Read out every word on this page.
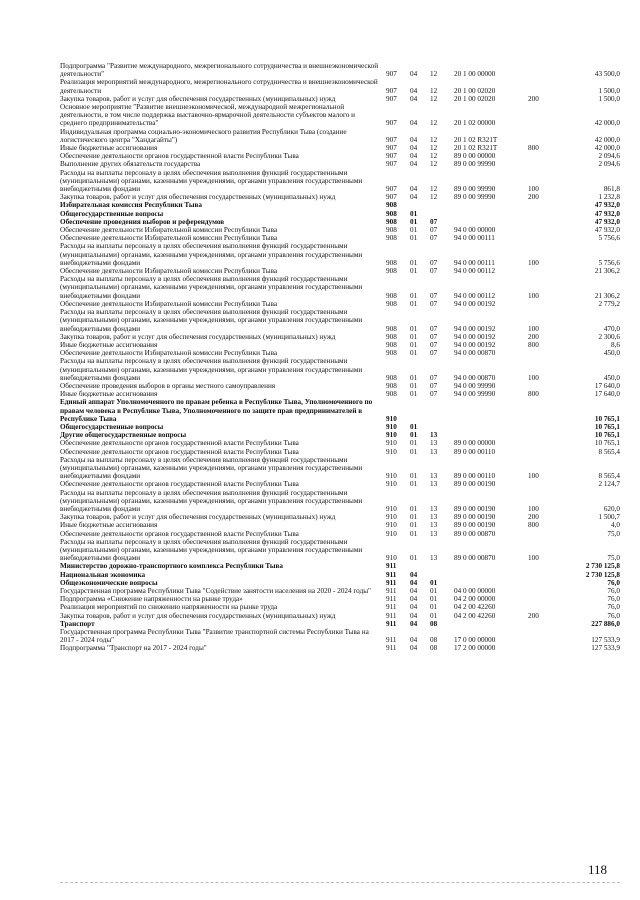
Подпрограмма "Развитие международного, межрегионального сотрудничества и внешнеэкономической деятельности"	907	04	12	20 1 00 00000	43 500,0
Реализация мероприятий международного, межрегионального сотрудничества и внешнеэкономической деятельности	907	04	12	20 1 00 02020	1 500,0
Закупка товаров, работ и услуг для обеспечения государственных (муниципальных) нужд	907	04	12	20 1 00 02020	200	1 500,0
Основное мероприятие "Развитие внешнеэкономической, международной межрегиональной деятельности, в том числе поддержка выставочно-ярмарочной деятельности субъектов малого и среднего предпринимательства"	907	04	12	20 1 02 00000	42 000,0
Индивидуальная программа социально-экономического развития Республики Тыва (создание логистического центра "Хандагайты")	907	04	12	20 1 02 R321T	42 000,0
Иные бюджетные ассигнования	907	04	12	20 1 02 R321T	800	42 000,0
Обеспечение деятельности органов государственной власти Республики Тыва	907	04	12	89 0 00 00000	2 094,6
Выполнение других обязательств государства	907	04	12	89 0 00 99990	2 094,6
Расходы на выплаты персоналу в целях обеспечения выполнения функций государственными (муниципальными) органами, казенными учреждениями, органами управления государственными внебюджетными фондами	907	04	12	89 0 00 99990	100	861,8
Закупка товаров, работ и услуг для обеспечения государственных (муниципальных) нужд	907	04	12	89 0 00 99990	200	1 232,8
Избирательная комиссия Республики Тыва	908	47 932,0
Общегосударственные вопросы	908	01	47 932,0
Обеспечение проведения выборов и референдумов	908	01	07	47 932,0
Обеспечение деятельности Избирательной комиссии Республики Тыва	908	01	07	94 0 00 00000	47 932,0
Обеспечение деятельности Избирательной комиссии Республики Тыва	908	01	07	94 0 00 00111	5 756,6
Расходы на выплаты персоналу в целях обеспечения выполнения функций государственными (муниципальными) органами, казенными учреждениями, органами управления государственными внебюджетными фондами	908	01	07	94 0 00 00111	100	5 756,6
Обеспечение деятельности Избирательной комиссии Республики Тыва	908	01	07	94 0 00 00112	21 306,2
Расходы на выплаты персоналу в целях обеспечения выполнения функций государственными (муниципальными) органами, казенными учреждениями, органами управления государственными внебюджетными фондами	908	01	07	94 0 00 00112	100	21 306,2
Обеспечение деятельности Избирательной комиссии Республики Тыва	908	01	07	94 0 00 00192	2 779,2
Расходы на выплаты персоналу в целях обеспечения выполнения функций государственными (муниципальными) органами, казенными учреждениями, органами управления государственными внебюджетными фондами	908	01	07	94 0 00 00192	100	470,0
Закупка товаров, работ и услуг для обеспечения государственных (муниципальных) нужд	908	01	07	94 0 00 00192	200	2 300,6
Иные бюджетные ассигнования	908	01	07	94 0 00 00192	800	8,6
Обеспечение деятельности Избирательной комиссии Республики Тыва	908	01	07	94 0 00 00870	450,0
Расходы на выплаты персоналу в целях обеспечения выполнения функций государственными (муниципальными) органами, казенными учреждениями, органами управления государственными внебюджетными фондами	908	01	07	94 0 00 00870	100	450,0
Обеспечение проведения выборов в органы местного самоуправления	908	01	07	94 0 00 99990	17 640,0
Иные бюджетные ассигнования	908	01	07	94 0 00 99990	800	17 640,0
Единый аппарат Уполномоченного по правам ребенка в Республике Тыва, Уполномоченного по правам человека в Республике Тыва, Уполномоченного по защите прав предпринимателей в Республике Тыва	910	10 765,1
Общегосударственные вопросы	910	01	10 765,1
Другие общегосударственные вопросы	910	01	13	10 765,1
Обеспечение деятельности органов государственной власти Республики Тыва	910	01	13	89 0 00 00000	10 765,1
Обеспечение деятельности органов государственной власти Республики Тыва	910	01	13	89 0 00 00110	8 565,4
Расходы на выплаты персоналу в целях обеспечения выполнения функций государственными (муниципальными) органами, казенными учреждениями, органами управления государственными внебюджетными фондами	910	01	13	89 0 00 00110	100	8 565,4
Обеспечение деятельности органов государственной власти Республики Тыва	910	01	13	89 0 00 00190	2 124,7
Расходы на выплаты персоналу в целях обеспечения выполнения функций государственными (муниципальными) органами, казенными учреждениями, органами управления государственными внебюджетными фондами	910	01	13	89 0 00 00190	100	620,0
Закупка товаров, работ и услуг для обеспечения государственных (муниципальных) нужд	910	01	13	89 0 00 00190	200	1 500,7
Иные бюджетные ассигнования	910	01	13	89 0 00 00190	800	4,0
Обеспечение деятельности органов государственной власти Республики Тыва	910	01	13	89 0 00 00870	75,0
Расходы на выплаты персоналу в целях обеспечения выполнения функций государственными (муниципальными) органами, казенными учреждениями, органами управления государственными внебюджетными фондами	910	01	13	89 0 00 00870	100	75,0
Министерство дорожно-транспортного комплекса Республики Тыва	911	2 730 125,8
Национальная экономика	911	04	2 730 125,8
Общеэкономические вопросы	911	04	01	76,0
Государственная программа Республики Тыва "Содействие занятости населения на 2020 - 2024 годы"	911	04	01	04 0 00 00000	76,0
Подпрограмма «Снижение напряженности на рынке труда»	911	04	01	04 2 00 00000	76,0
Реализация мероприятий по снижению напряженности на рынке труда	911	04	01	04 2 00 42260	76,0
Закупка товаров, работ и услуг для обеспечения государственных (муниципальных) нужд	911	04	01	04 2 00 42260	200	76,0
Транспорт	911	04	08	227 886,0
Государственная программа Республики Тыва "Развитие транспортной системы Республики Тыва на 2017 - 2024 годы"	911	04	08	17 0 00 00000	127 533,9
Подпрограмма "Транспорт на 2017 - 2024 годы"	911	04	08	17 2 00 00000	127 533,9
118
